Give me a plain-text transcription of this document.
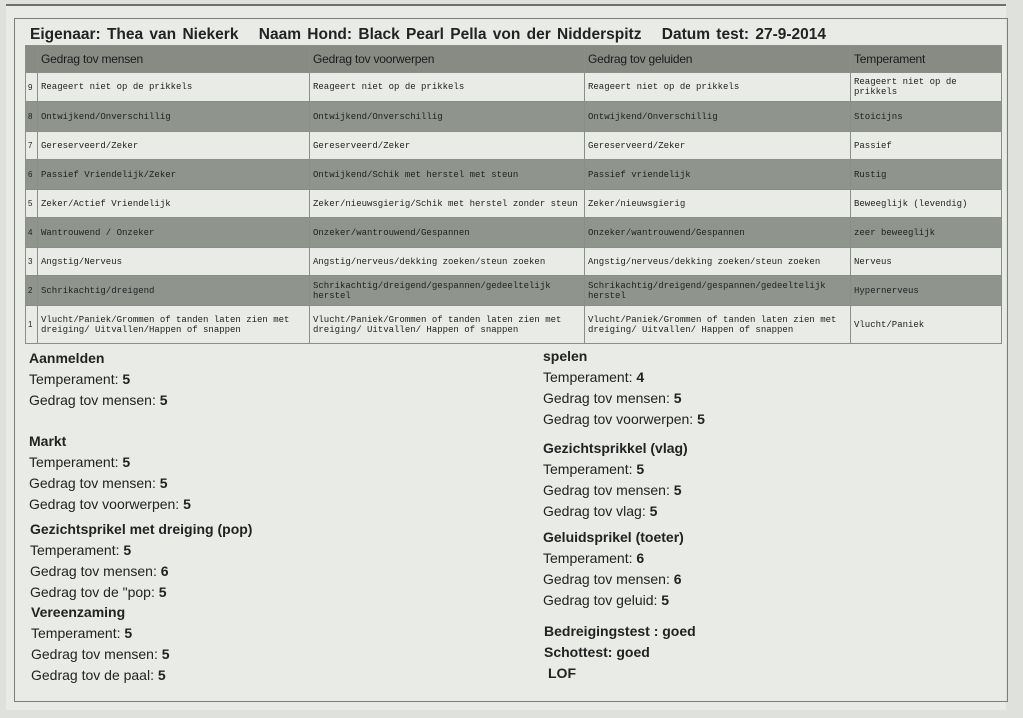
Eigenaar: Thea van Niekerk Naam Hond: Black Pearl Pella von der Nidderspitz Datum test: 27-9-2014
	Gedrag tov mensen	Gedrag tov voorwerpen	Gedrag tov geluiden	Temperament
9	Reageert niet op de prikkels	Reageert niet op de prikkels	Reageert niet op de prikkels	Reageert niet op de prikkels
8	Ontwijkend/Onverschillig	Ontwijkend/Onverschillig	Ontwijkend/Onverschillig	Stoicijns
7	Gereserveerd/Zeker	Gereserveerd/Zeker	Gereserveerd/Zeker	Passief
6	Passief Vriendelijk/Zeker	Ontwijkend/Schik met herstel met steun	Passief vriendelijk	Rustig
5	Zeker/Actief Vriendelijk	Zeker/nieuwsgierig/Schik met herstel zonder steun	Zeker/nieuwsgierig	Beweeglijk (levendig)
4	Wantrouwend / Onzeker	Onzeker/wantrouwend/Gespannen	Onzeker/wantrouwend/Gespannen	zeer beweeglijk
3	Angstig/Nerveus	Angstig/nerveus/dekking zoeken/steun zoeken	Angstig/nerveus/dekking zoeken/steun zoeken	Nerveus
2	Schrikachtig/dreigend	Schrikachtig/dreigend/gespannen/gedeeltelijk herstel	Schrikachtig/dreigend/gespannen/gedeeltelijk herstel	Hypernerveus
1	Vlucht/Paniek/Grommen of tanden laten zien met dreiging/ Uitvallen/Happen of snappen	Vlucht/Paniek/Grommen of tanden laten zien met dreiging/ Uitvallen/ Happen of snappen	Vlucht/Paniek/Grommen of tanden laten zien met dreiging/ Uitvallen/ Happen of snappen	Vlucht/Paniek
Aanmelden
Temperament: 5
Gedrag tov mensen: 5
Markt
Temperament: 5
Gedrag tov mensen: 5
Gedrag tov voorwerpen: 5
Gezichtsprikel met dreiging (pop)
Temperament: 5
Gedrag tov mensen: 6
Gedrag tov de "pop: 5
Vereenzaming
Temperament: 5
Gedrag tov mensen: 5
Gedrag tov de paal: 5
spelen
Temperament: 4
Gedrag tov mensen: 5
Gedrag tov voorwerpen: 5
Gezichtsprikkel (vlag)
Temperament: 5
Gedrag tov mensen: 5
Gedrag tov vlag: 5
Geluidsprikel (toeter)
Temperament: 6
Gedrag tov mensen: 6
Gedrag tov geluid: 5
Bedreigingstest : goed
Schottest: goed
LOF
